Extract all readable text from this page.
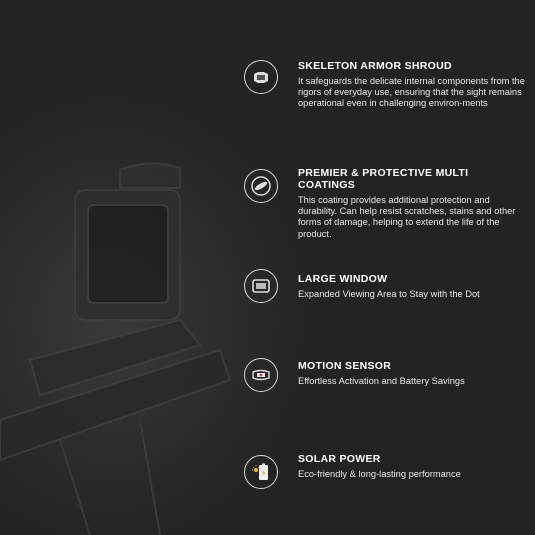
SKELETON ARMOR SHROUD

It safeguards the delicate internal components from the rigors of everyday use, ensuring that the sight remains operational even in challenging environ-ments

PREMIER & PROTECTIVE MULTI COATINGS

This coating provides additional protection and durability. Can help resist scratches, stains and other forms of damage, helping to extend the life of the product.

LARGE WINDOW

Expanded Viewing Area to Stay with the Dot

MOTION SENSOR

Effortless Activation and Battery Savings

SOLAR POWER

Eco-friendly & long-lasting performance
